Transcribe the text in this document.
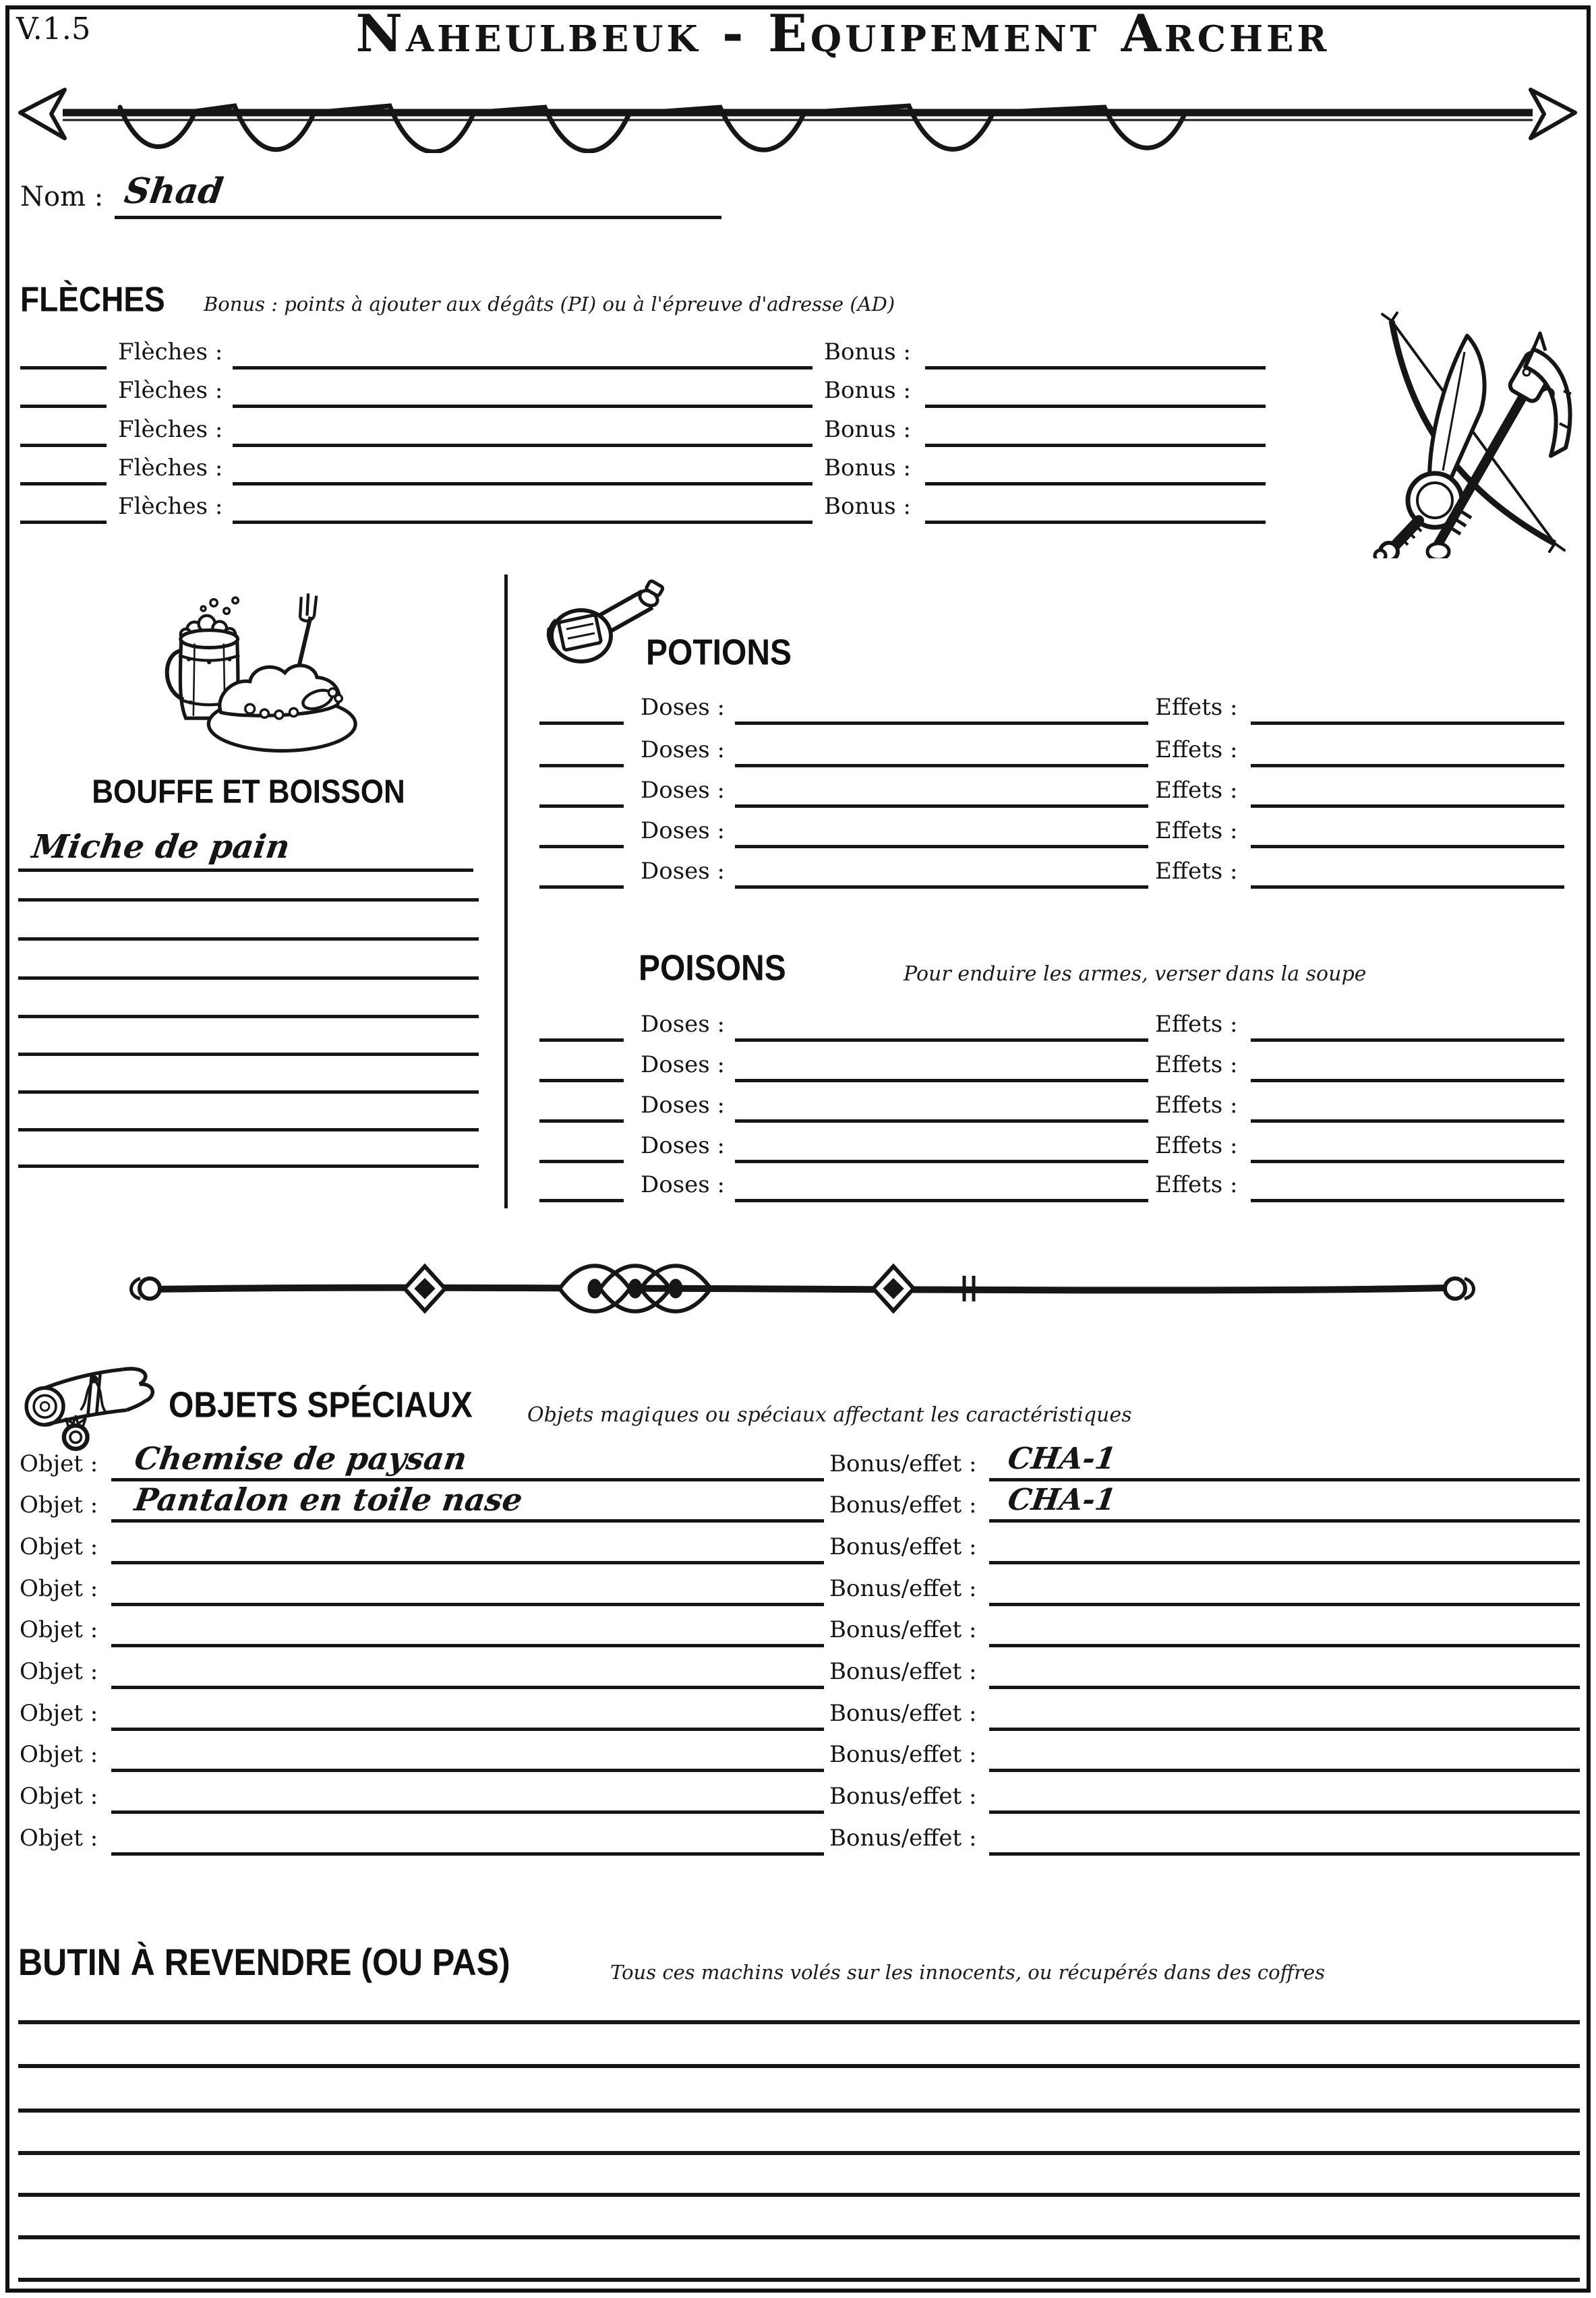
V.1.5	Naheulbeuk - Equipement Archer
Nom : Shad
FLÈCHES Bonus : points à ajouter aux dégâts (PI) ou à l'épreuve d'adresse (AD)
Flèches :	Bonus :
Flèches :	Bonus :
Flèches :	Bonus :
Flèches :	Bonus :
Flèches :	Bonus :
BOUFFE ET BOISSON
Miche de pain
POTIONS
Doses :	Effets :
Doses :	Effets :
Doses :	Effets :
Doses :	Effets :
Doses :	Effets :
POISONS	Pour enduire les armes, verser dans la soupe
Doses :	Effets :
Doses :	Effets :
Doses :	Effets :
Doses :	Effets :
Doses :	Effets :
OBJETS SPÉCIAUX	Objets magiques ou spéciaux affectant les caractéristiques
Objet : Chemise de paysan	Bonus/effet : CHA-1
Objet : Pantalon en toile nase	Bonus/effet : CHA-1
Objet :	Bonus/effet :
Objet :	Bonus/effet :
Objet :	Bonus/effet :
Objet :	Bonus/effet :
Objet :	Bonus/effet :
Objet :	Bonus/effet :
Objet :	Bonus/effet :
Objet :	Bonus/effet :
BUTIN À REVENDRE (OU PAS)	Tous ces machins volés sur les innocents, ou récupérés dans des coffres
